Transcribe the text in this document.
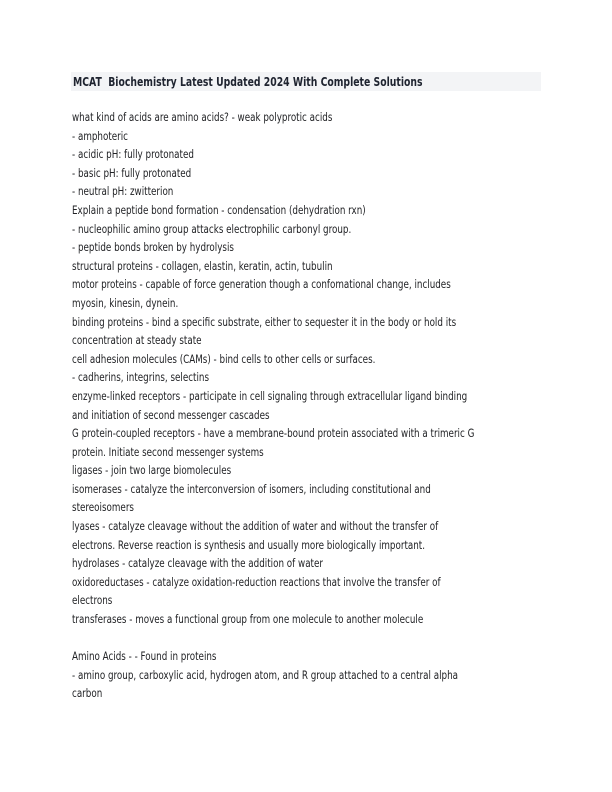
MCAT  Biochemistry Latest Updated 2024 With Complete Solutions
what kind of acids are amino acids? - weak polyprotic acids
- amphoteric
- acidic pH: fully protonated
- basic pH: fully protonated
- neutral pH: zwitterion
Explain a peptide bond formation - condensation (dehydration rxn)
- nucleophilic amino group attacks electrophilic carbonyl group.
- peptide bonds broken by hydrolysis
structural proteins - collagen, elastin, keratin, actin, tubulin
motor proteins - capable of force generation though a confomational change, includes
myosin, kinesin, dynein.
binding proteins - bind a specific substrate, either to sequester it in the body or hold its
concentration at steady state
cell adhesion molecules (CAMs) - bind cells to other cells or surfaces.
- cadherins, integrins, selectins
enzyme-linked receptors - participate in cell signaling through extracellular ligand binding
and initiation of second messenger cascades
G protein-coupled receptors - have a membrane-bound protein associated with a trimeric G
protein. Initiate second messenger systems
ligases - join two large biomolecules
isomerases - catalyze the interconversion of isomers, including constitutional and
stereoisomers
lyases - catalyze cleavage without the addition of water and without the transfer of
electrons. Reverse reaction is synthesis and usually more biologically important.
hydrolases - catalyze cleavage with the addition of water
oxidoreductases - catalyze oxidation-reduction reactions that involve the transfer of
electrons
transferases - moves a functional group from one molecule to another molecule
Amino Acids - - Found in proteins
- amino group, carboxylic acid, hydrogen atom, and R group attached to a central alpha
carbon
